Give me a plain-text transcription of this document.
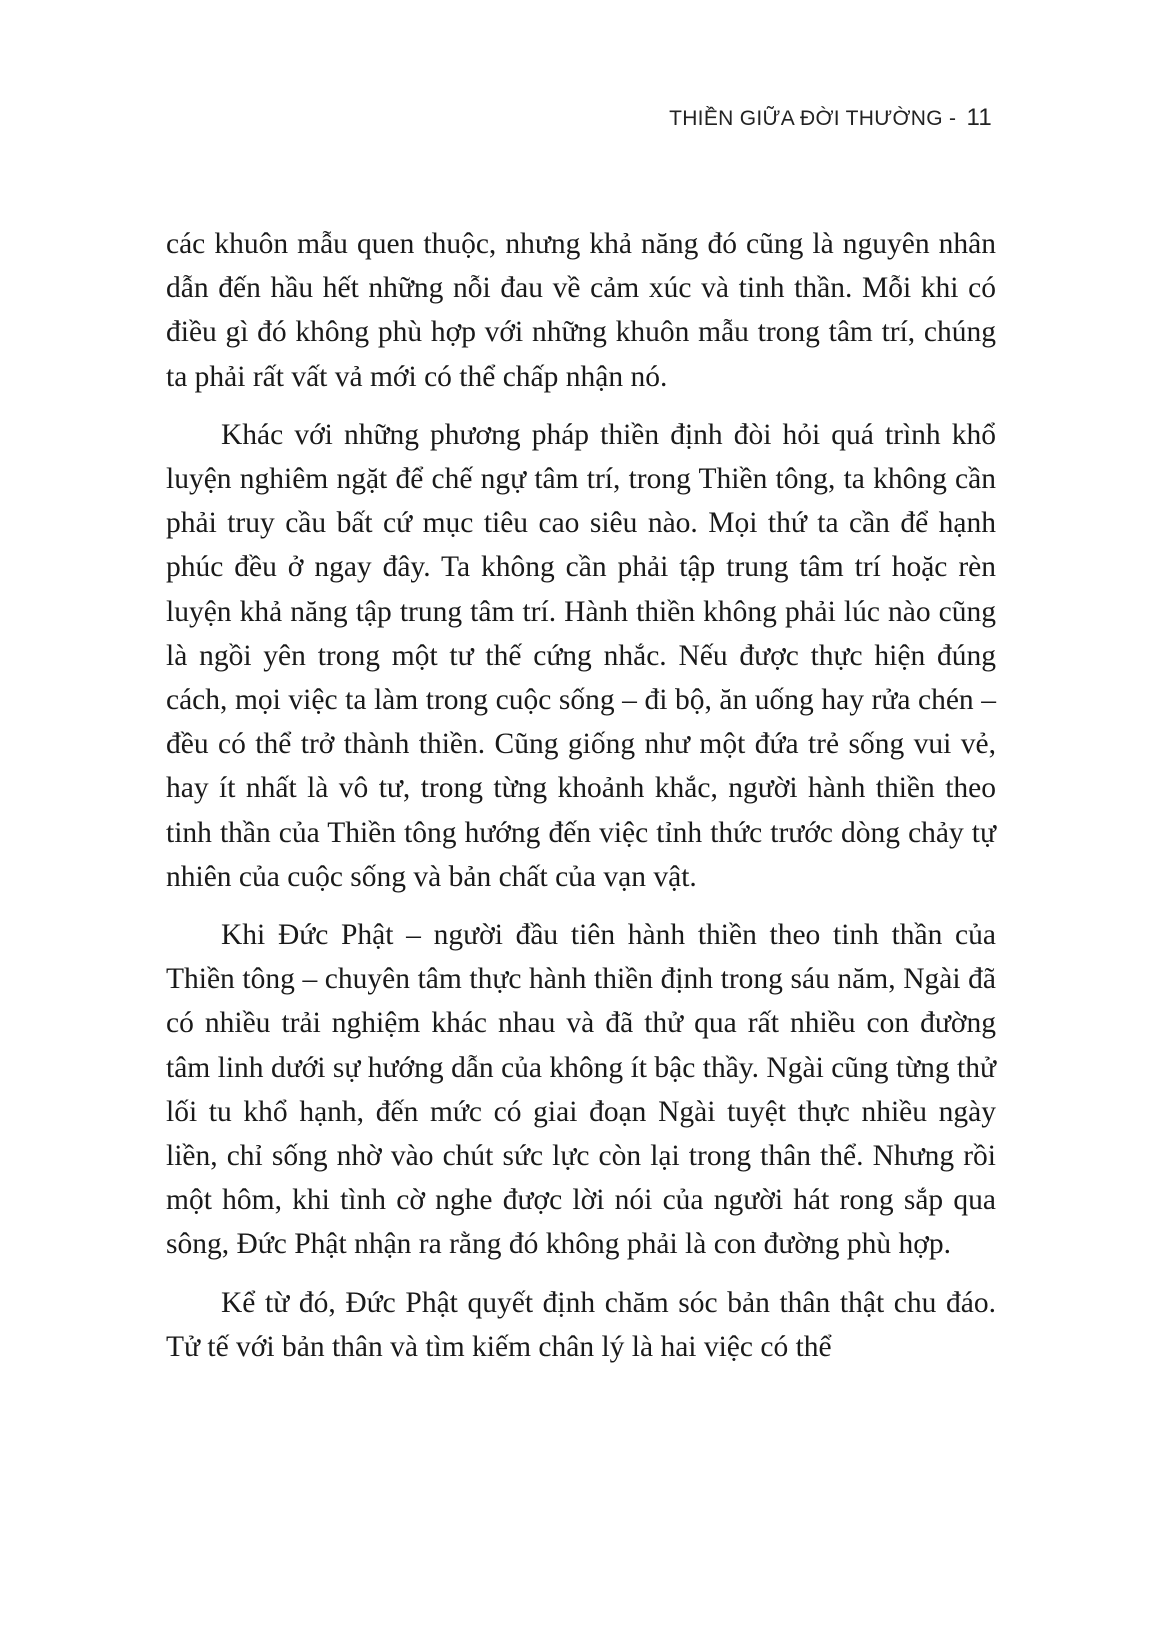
THIỀN GIỮA ĐỜI THƯỜNG - 11

các khuôn mẫu quen thuộc, nhưng khả năng đó cũng là nguyên nhân dẫn đến hầu hết những nỗi đau về cảm xúc và tinh thần. Mỗi khi có điều gì đó không phù hợp với những khuôn mẫu trong tâm trí, chúng ta phải rất vất vả mới có thể chấp nhận nó.

Khác với những phương pháp thiền định đòi hỏi quá trình khổ luyện nghiêm ngặt để chế ngự tâm trí, trong Thiền tông, ta không cần phải truy cầu bất cứ mục tiêu cao siêu nào. Mọi thứ ta cần để hạnh phúc đều ở ngay đây. Ta không cần phải tập trung tâm trí hoặc rèn luyện khả năng tập trung tâm trí. Hành thiền không phải lúc nào cũng là ngồi yên trong một tư thế cứng nhắc. Nếu được thực hiện đúng cách, mọi việc ta làm trong cuộc sống – đi bộ, ăn uống hay rửa chén – đều có thể trở thành thiền. Cũng giống như một đứa trẻ sống vui vẻ, hay ít nhất là vô tư, trong từng khoảnh khắc, người hành thiền theo tinh thần của Thiền tông hướng đến việc tỉnh thức trước dòng chảy tự nhiên của cuộc sống và bản chất của vạn vật.

Khi Đức Phật – người đầu tiên hành thiền theo tinh thần của Thiền tông – chuyên tâm thực hành thiền định trong sáu năm, Ngài đã có nhiều trải nghiệm khác nhau và đã thử qua rất nhiều con đường tâm linh dưới sự hướng dẫn của không ít bậc thầy. Ngài cũng từng thử lối tu khổ hạnh, đến mức có giai đoạn Ngài tuyệt thực nhiều ngày liền, chỉ sống nhờ vào chút sức lực còn lại trong thân thể. Nhưng rồi một hôm, khi tình cờ nghe được lời nói của người hát rong sắp qua sông, Đức Phật nhận ra rằng đó không phải là con đường phù hợp.

Kể từ đó, Đức Phật quyết định chăm sóc bản thân thật chu đáo. Tử tế với bản thân và tìm kiếm chân lý là hai việc có thể
